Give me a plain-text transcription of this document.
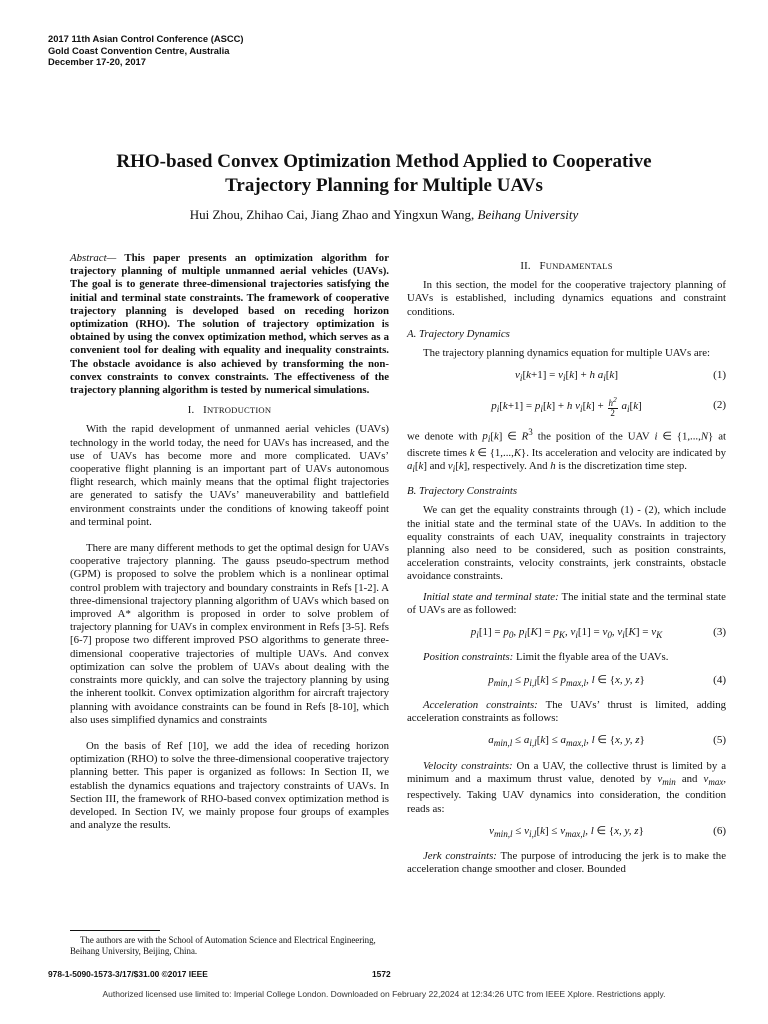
2017 11th Asian Control Conference (ASCC)
Gold Coast Convention Centre, Australia
December 17-20, 2017
RHO-based Convex Optimization Method Applied to Cooperative
Trajectory Planning for Multiple UAVs
Hui Zhou, Zhihao Cai, Jiang Zhao and Yingxun Wang, Beihang University

Abstract— This paper presents an optimization algorithm for trajectory planning of multiple unmanned aerial vehicles (UAVs). The goal is to generate three-dimensional trajectories satisfying the initial and terminal state constraints. The framework of cooperative trajectory planning is developed based on receding horizon optimization (RHO). The solution of trajectory optimization is obtained by using the convex optimization method, which serves as a convenient tool for dealing with equality and inequality constraints. The obstacle avoidance is also achieved by transforming the non-convex constraints to convex constraints. The effectiveness of the trajectory planning algorithm is tested by numerical simulations.

I. INTRODUCTION

With the rapid development of unmanned aerial vehicles (UAVs) technology in the world today, the need for UAVs has increased, and the use of UAVs has become more and more complicated. UAVs’ cooperative flight planning is an important part of UAVs autonomous flight research, which mainly means that the optimal flight trajectories are generated to satisfy the UAVs’ maneuverability and battlefield environment constraints under the conditions of knowing takeoff point and terminal point.

There are many different methods to get the optimal design for UAVs cooperative trajectory planning. The gauss pseudo-spectrum method (GPM) is proposed to solve the problem which is a nonlinear optimal control problem with trajectory and boundary constraints in Refs [1-2]. A three-dimensional trajectory planning algorithm of UAVs which based on improved A* algorithm is proposed in order to solve problem of trajectory planning for UAVs in complex environment in Refs [3-5]. Refs [6-7] propose two different improved PSO algorithms to generate three-dimensional cooperative trajectories of multiple UAVs. And convex optimization can solve the problem of UAVs about dealing with the constraints more quickly, and can solve the trajectory planning by using the inherent toolkit. Convex optimization algorithm for aircraft trajectory planning with avoidance constraints can be found in Refs [8-10], which also uses simplified dynamics and constraints

On the basis of Ref [10], we add the idea of receding horizon optimization (RHO) to solve the three-dimensional cooperative trajectory planning better. This paper is organized as follows: In Section II, we establish the dynamics equations and trajectory constraints of UAVs. In Section III, the framework of RHO-based convex optimization method is developed. In Section IV, we mainly propose four groups of examples and analyze the results.

II. FUNDAMENTALS

In this section, the model for the cooperative trajectory planning of UAVs is established, including dynamics equations and constraint conditions.

A. Trajectory Dynamics

The trajectory planning dynamics equation for multiple UAVs are:

$v_i[k+1] = v_i[k] + h$ $a_i[k]$	(1)

$p_i[k+1] = p_i[k] + h$ $v_i[k] + \frac{h^2}{2} a_i[k]$	(2)

we denote with $p_i[k]$ ∈ $R^3$ the position of the UAV i ∈ {1,...,N} at discrete times k ∈ {1,...,K}. Its acceleration and velocity are indicated by $a_i[k]$ and $v_i[k]$, respectively. And h is the discretization time step.

B. Trajectory Constraints

We can get the equality constraints through (1) - (2), which include the initial state and the terminal state of the UAVs. In addition to the equality constraints of each UAV, inequality constraints in trajectory planning also need to be considered, such as position constraints, acceleration constraints, velocity constraints, jerk constraints, obstacle avoidance constraints.

Initial state and terminal state: The initial state and the terminal state of UAVs are as followed:

$p_i[1] = p_0$, $p_i[K] = p_K$, $v_i[1] = v_0$, $v_i[K] = v_K$	(3)

Position constraints: Limit the flyable area of the UAVs.

$p_{min,l} \le p_{i,l}[k] \le p_{max,l}$, l ∈ {x, y, z}	(4)

Acceleration constraints: The UAVs’ thrust is limited, adding acceleration constraints as follows:

$a_{min,l} \le a_{i,l}[k] \le a_{max,l}$, l ∈ {x, y, z}	(5)

Velocity constraints: On a UAV, the collective thrust is limited by a minimum and a maximum thrust value, denoted by $v_{min}$ and $v_{max}$, respectively. Taking UAV dynamics into consideration, the condition reads as:

$v_{min,l} \le v_{i,l}[k] \le v_{max,l}$, l ∈ {x, y, z}	(6)

Jerk constraints: The purpose of introducing the jerk is to make the acceleration change smoother and closer. Bounded

The authors are with the School of Automation Science and Electrical Engineering, Beihang University, Beijing, China.
978-1-5090-1573-3/17/$31.00 ©2017 IEEE	1572
Authorized licensed use limited to: Imperial College London. Downloaded on February 22,2024 at 12:34:26 UTC from IEEE Xplore. Restrictions apply.
